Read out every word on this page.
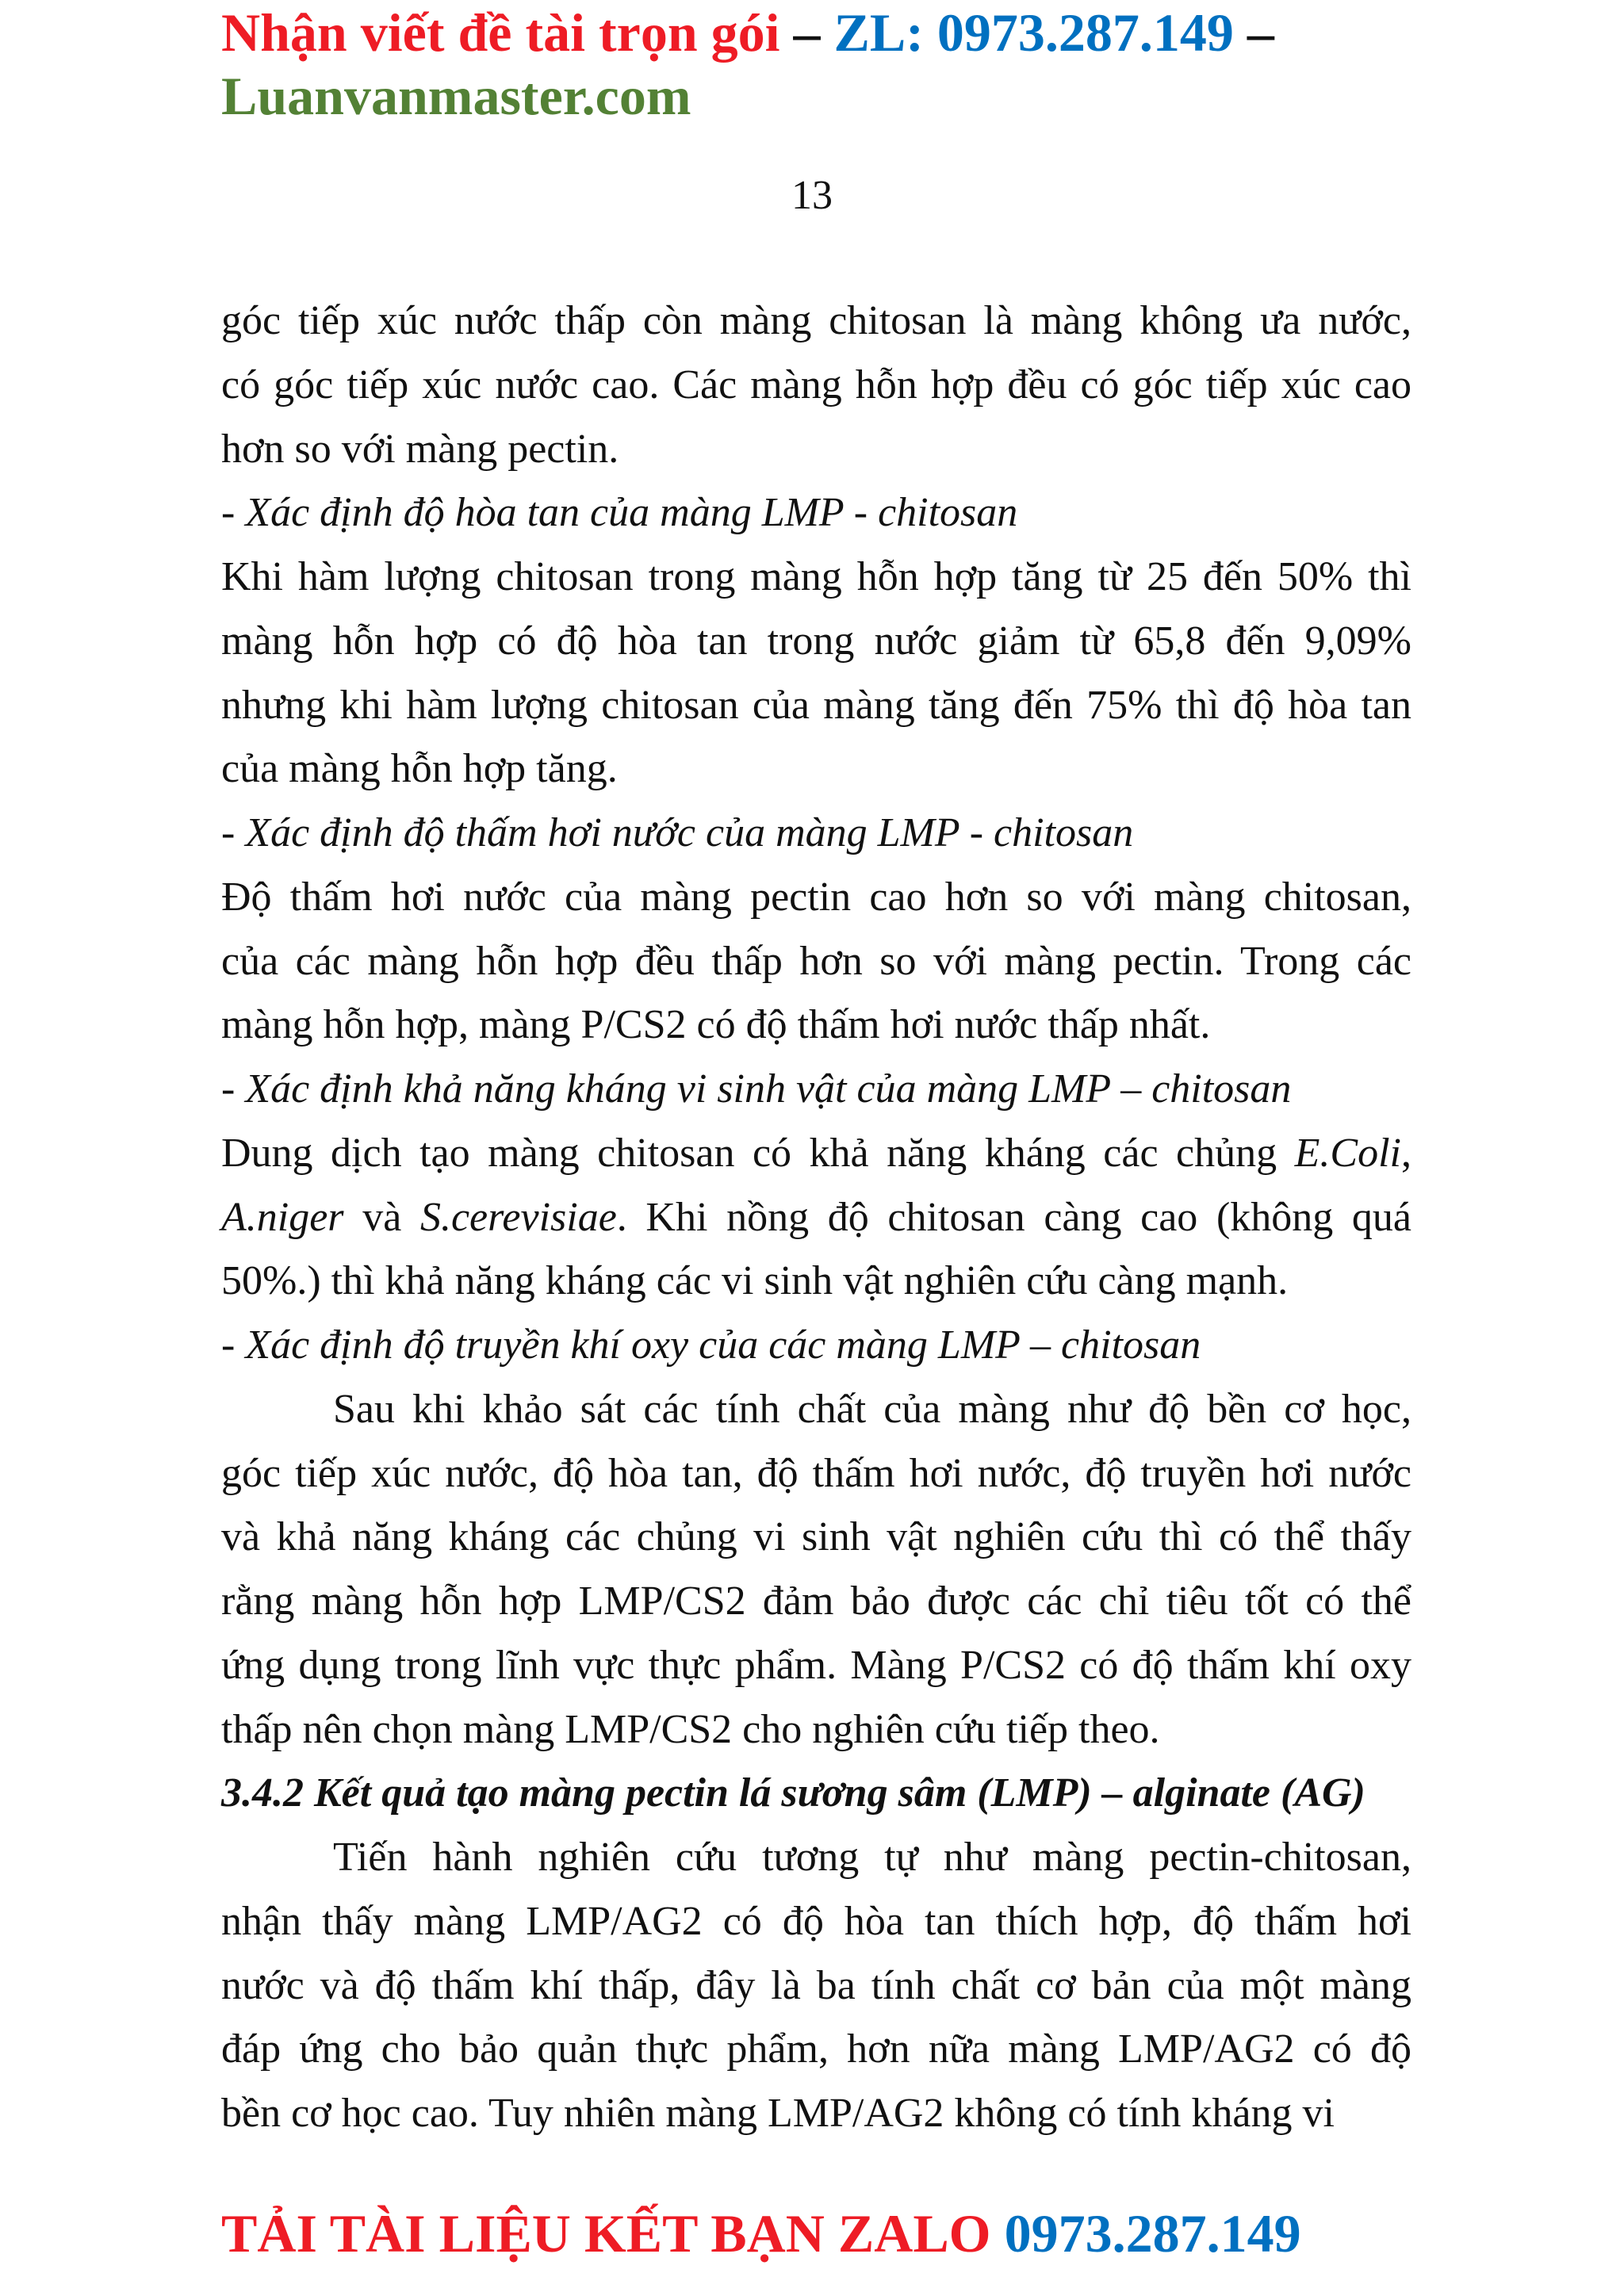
Nhận viết đề tài trọn gói – ZL: 0973.287.149 –
Luanvanmaster.com
13
góc tiếp xúc nước thấp còn màng chitosan là màng không ưa nước,
có góc tiếp xúc nước cao. Các màng hỗn hợp đều có góc tiếp xúc cao
hơn so với màng pectin.
- Xác định độ hòa tan của màng LMP - chitosan
Khi hàm lượng chitosan trong màng hỗn hợp tăng từ 25 đến 50% thì
màng hỗn hợp có độ hòa tan trong nước giảm từ 65,8 đến 9,09%
nhưng khi hàm lượng chitosan của màng tăng đến 75% thì độ hòa tan
của màng hỗn hợp tăng.
- Xác định độ thấm hơi nước của màng LMP - chitosan
Độ thấm hơi nước của màng pectin cao hơn so với màng chitosan,
của các màng hỗn hợp đều thấp hơn so với màng pectin. Trong các
màng hỗn hợp, màng P/CS2 có độ thấm hơi nước thấp nhất.
- Xác định khả năng kháng vi sinh vật của màng LMP – chitosan
Dung dịch tạo màng chitosan có khả năng kháng các chủng E.Coli,
A.niger và S.cerevisiae. Khi nồng độ chitosan càng cao (không quá
50%.) thì khả năng kháng các vi sinh vật nghiên cứu càng mạnh.
- Xác định độ truyền khí oxy của các màng LMP – chitosan
Sau khi khảo sát các tính chất của màng như độ bền cơ học,
góc tiếp xúc nước, độ hòa tan, độ thấm hơi nước, độ truyền hơi nước
và khả năng kháng các chủng vi sinh vật nghiên cứu thì có thể thấy
rằng màng hỗn hợp LMP/CS2 đảm bảo được các chỉ tiêu tốt có thể
ứng dụng trong lĩnh vực thực phẩm. Màng P/CS2 có độ thấm khí oxy
thấp nên chọn màng LMP/CS2 cho nghiên cứu tiếp theo.
3.4.2 Kết quả tạo màng pectin lá sương sâm (LMP) – alginate (AG)
Tiến hành nghiên cứu tương tự như màng pectin-chitosan,
nhận thấy màng LMP/AG2 có độ hòa tan thích hợp, độ thấm hơi
nước và độ thấm khí thấp, đây là ba tính chất cơ bản của một màng
đáp ứng cho bảo quản thực phẩm, hơn nữa màng LMP/AG2 có độ
bền cơ học cao. Tuy nhiên màng LMP/AG2 không có tính kháng vi
TẢI TÀI LIỆU KẾT BẠN ZALO 0973.287.149
